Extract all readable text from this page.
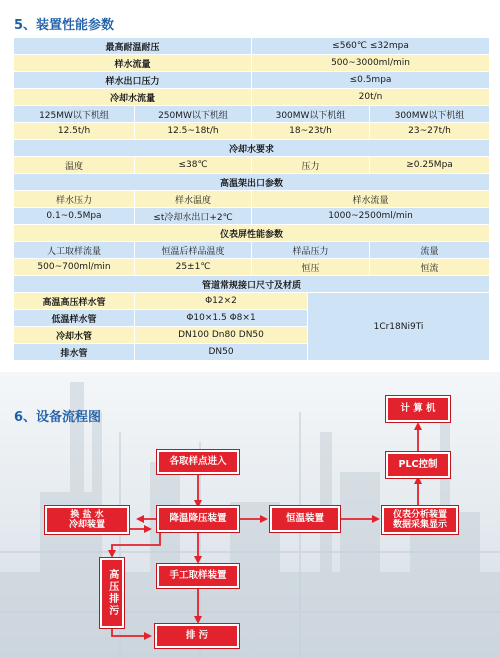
5、装置性能参数
最高耐温耐压		≤560℃ ≤32mpa		
样水流量		500~3000ml/min		
样水出口压力		≤0.5mpa		
冷却水流量		20t/n		
125MW以下机组	250MW以下机组	300MW以下机组		300MW以下机组
12.5t/h	12.5~18t/h	18~23t/h		23~27t/h
冷却水要求				
温度	≤38℃	压力		≥0.25Mpa
高温架出口参数				
样水压力	样水温度	样水流量		
0.1~0.5Mpa	≤t冷却水出口+2℃	1000~2500ml/min		
仪表屏性能参数				
人工取样流量	恒温后样品温度	样品压力		流量
500~700ml/min	25±1℃	恒压		恒流
管道常规接口尺寸及材质				
高温高压样水管	Φ12×2		1Cr18Ni9Ti	
低温样水管	Φ10×1.5 Φ8×1			
冷却水管	DN100 Dn80 DN50			
排水管	DN50			
6、设备流程图
计 算 机
PLC控制
各取样点进入
换 盐 水
冷却装置
降温降压装置	恒温装置	仪表分析装置
数据采集显示
高压排污	手工取样装置
排 污
